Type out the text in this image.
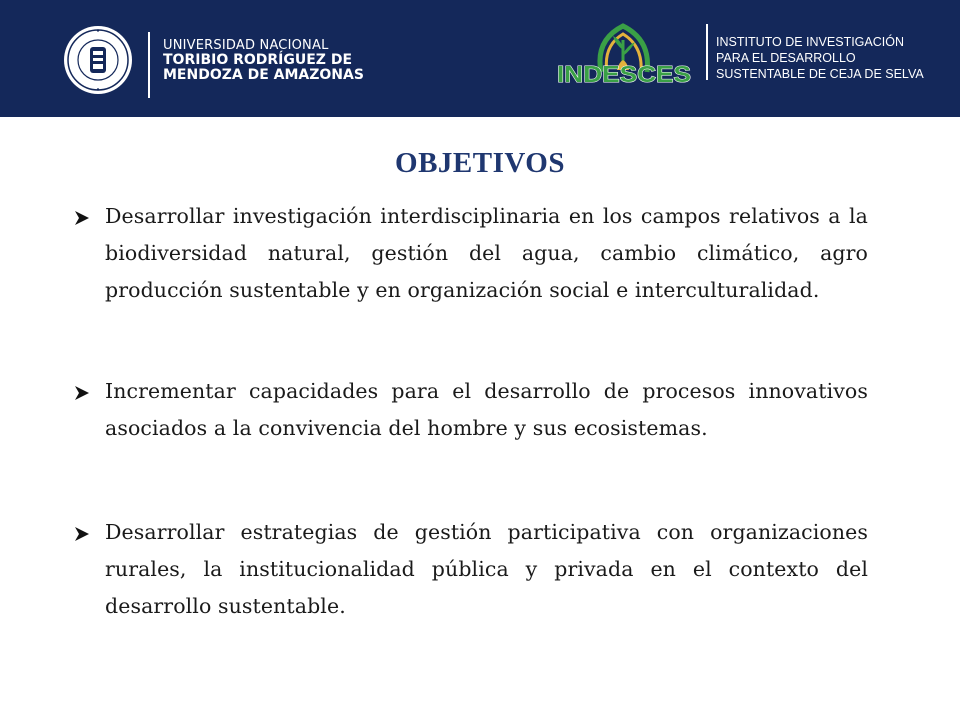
UNIVERSIDAD NACIONAL
TORIBIO RODRÍGUEZ DE
MENDOZA DE AMAZONAS	INDESCES
INSTITUTO DE INVESTIGACIÓN
PARA EL DESARROLLO
SUSTENTABLE DE CEJA DE SELVA
OBJETIVOS
Desarrollar investigación interdisciplinaria en los campos relativos a la biodiversidad natural, gestión del agua, cambio climático, agro producción sustentable y en organización social e interculturalidad.
Incrementar capacidades para el desarrollo de procesos innovativos asociados a la convivencia del hombre y sus ecosistemas.
Desarrollar estrategias de gestión participativa con organizaciones rurales, la institucionalidad pública y privada en el contexto del desarrollo sustentable.
